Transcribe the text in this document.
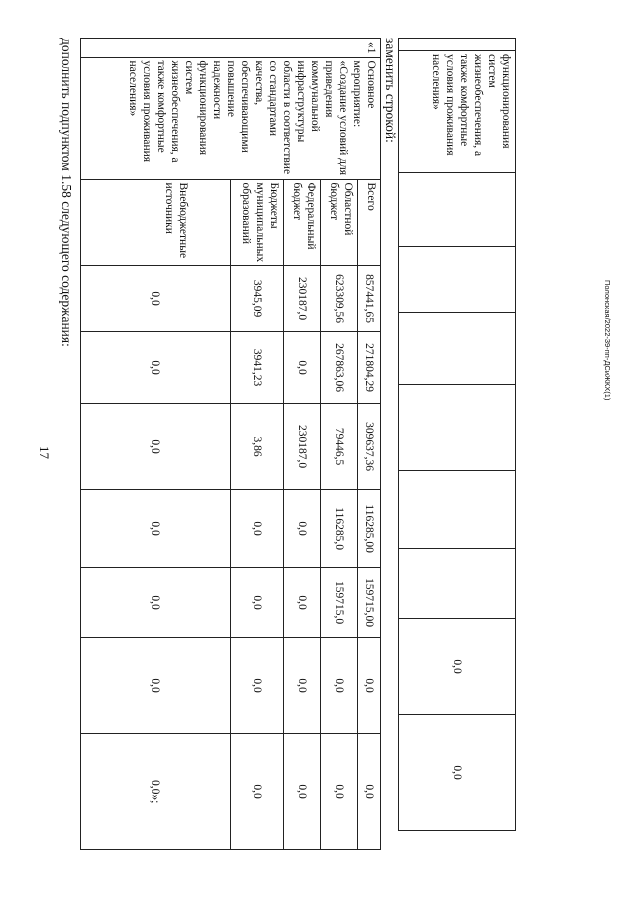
17
Полонская/2022-39-пп-ДСиЖКХ(1)
	функционирования систем жизнеобеспечения, а также комфортные условия проживания населения»							0,0	0,0
заменить строкой:
«1	Основное мероприятие: «Создание условий для приведения коммунальной инфраструктуры области в соответствие со стандартами качества, обеспечивающими повышение надежности функционирования систем жизнеобеспечения, а также комфортные условия проживания населения»	Всего	857441,65	271804,29	309637,36	116285,00	159715,00	0,0	0,0
		Областной бюджет	623309,56	267863,06	79446,5	116285,0	159715,0	0,0	0,0
		Федеральный бюджет	230187,0	0,0	230187,0	0,0	0,0	0,0	0,0
		Бюджеты муниципальных образований	3945,09	3941,23	3,86	0,0	0,0	0,0	0,0

		Внебюджетные источники	0,0	0,0	0,0	0,0	0,0	0,0	0,0»;
дополнить подпунктом 1.58 следующего содержания:
